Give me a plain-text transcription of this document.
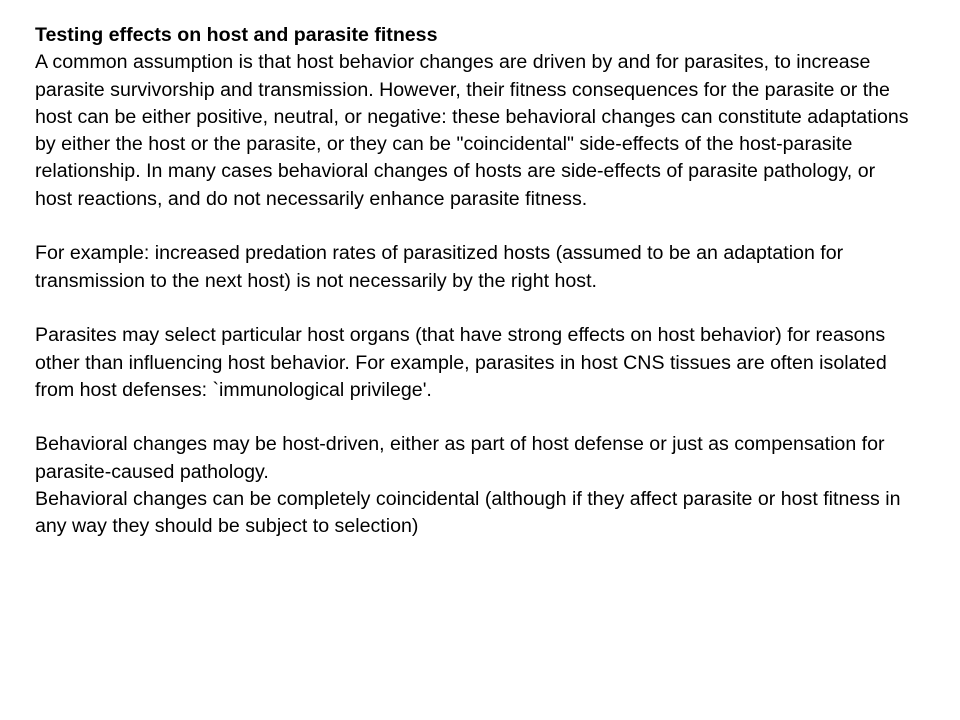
Testing effects on host and parasite fitness

A common assumption is that host behavior changes are driven by and for parasites, to increase parasite survivorship and transmission. However, their fitness consequences for the parasite or the host can be either positive, neutral, or negative: these behavioral changes can constitute adaptations by either the host or the parasite, or they can be "coincidental" side-effects of the host-parasite relationship. In many cases behavioral changes of hosts are side-effects of parasite pathology, or host reactions, and do not necessarily enhance parasite fitness.

For example: increased predation rates of parasitized hosts (assumed to be an adaptation for transmission to the next host) is not necessarily by the right host.

Parasites may select particular host organs (that have strong effects on host behavior) for reasons other than influencing host behavior. For example, parasites in host CNS tissues are often isolated from host defenses: `immunological privilege'.

Behavioral changes may be host-driven, either as part of host defense or just as compensation for parasite-caused pathology.

Behavioral changes can be completely coincidental (although if they affect parasite or host fitness in any way they should be subject to selection)
